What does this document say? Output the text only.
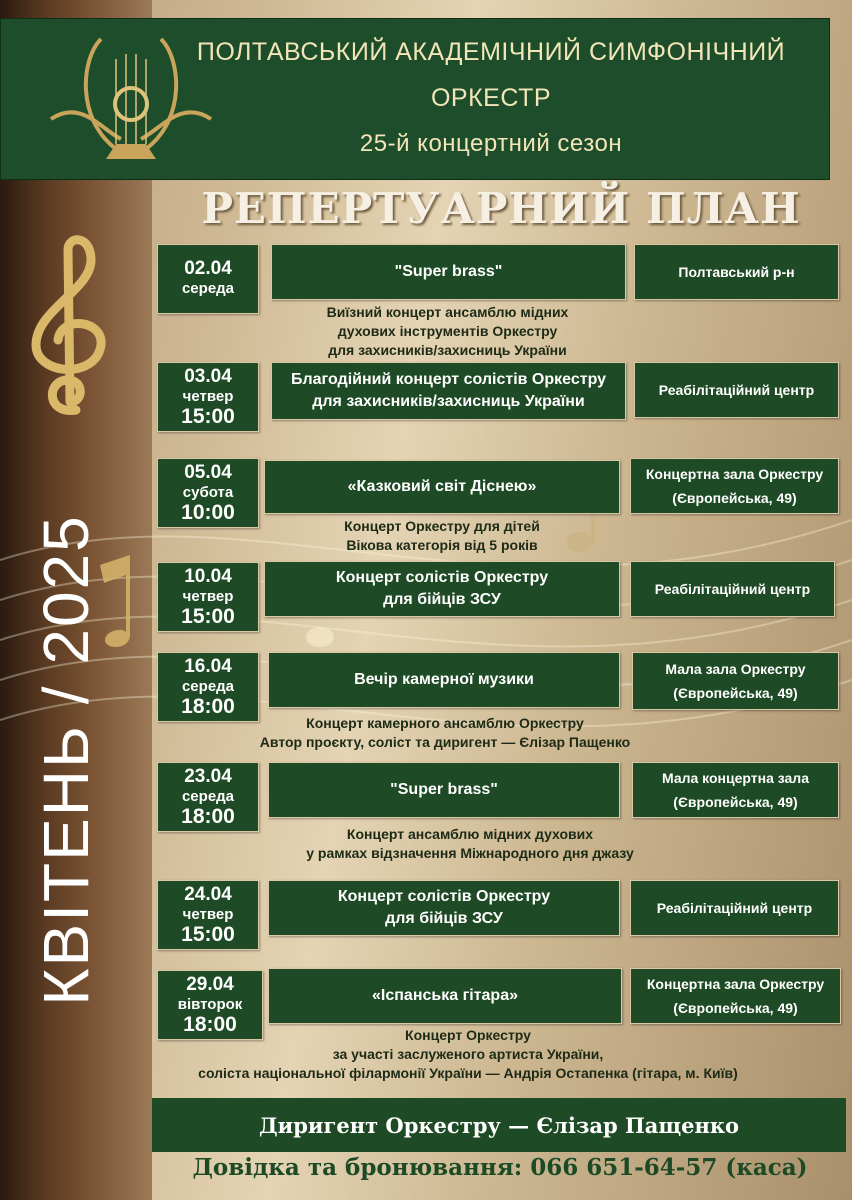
ПОЛТАВСЬКИЙ АКАДЕМІЧНИЙ СИМФОНІЧНИЙ
ОРКЕСТР
25-й концертний сезон
РЕПЕРТУАРНИЙ ПЛАН
КВІТЕНЬ / 2025
02.04
середа
"Super brass"	Полтавський р-н
Виїзний концерт ансамблю мідних
духових інструментів Оркестру
для захисників/захисниць України
03.04
четвер
15:00
Благодійний концерт солістів Оркестру
для захисників/захисниць України
Реабілітаційний центр
05.04
субота
10:00
«Казковий світ Діснею»
Концертна зала Оркестру
(Європейська, 49)
Концерт Оркестру для дітей
Вікова категорія від 5 років
10.04
четвер
15:00
Концерт солістів Оркестру
для бійців ЗСУ
Реабілітаційний центр
16.04
середа
18:00
Вечір камерної музики
Мала зала Оркестру
(Європейська, 49)
Концерт камерного ансамблю Оркестру
Автор проєкту, соліст та диригент — Єлізар Пащенко
23.04
середа
18:00
"Super brass"
Мала концертна зала
(Європейська, 49)
Концерт ансамблю мідних духових
у рамках відзначення Міжнародного дня джазу
24.04
четвер
15:00
Концерт солістів Оркестру
для бійців ЗСУ
Реабілітаційний центр
29.04
вівторок
18:00
«Іспанська гітара»
Концертна зала Оркестру
(Європейська, 49)
Концерт Оркестру
за участі заслуженого артиста України,
соліста національної філармонії України — Андрія Остапенка (гітара, м. Київ)
Диригент Оркестру — Єлізар Пащенко
Довідка та бронювання: 066 651-64-57 (каса)
